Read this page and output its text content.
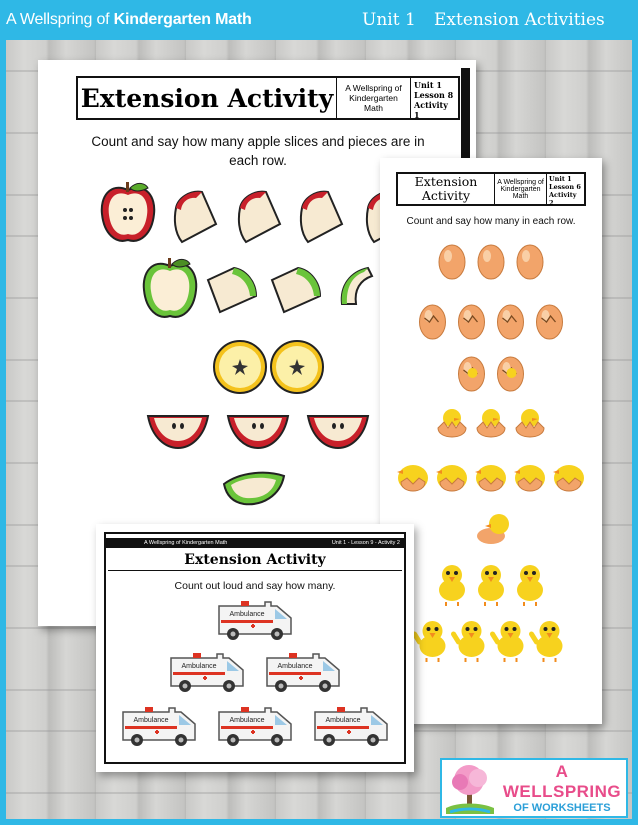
A Wellspring of Kindergarten Math	Unit 1 Extension Activities
Extension Activity	A Wellspring of Kindergarten Math
Unit 1
Lesson 8
Activity 1
Count and say how many apple slices and pieces are in each row.
Extension Activity
A Wellspring of Kindergarten Math
Unit 1
Lesson 6
Activity 2
Count and say how many in each row.
A Wellspring of Kindergarten Math	Unit 1 - Lesson 9 - Activity 2
Extension Activity
Count out loud and say how many.
Ambulance
Ambulance	Ambulance
Ambulance	Ambulance	Ambulance
A WELLSPRING
OF WORKSHEETS
